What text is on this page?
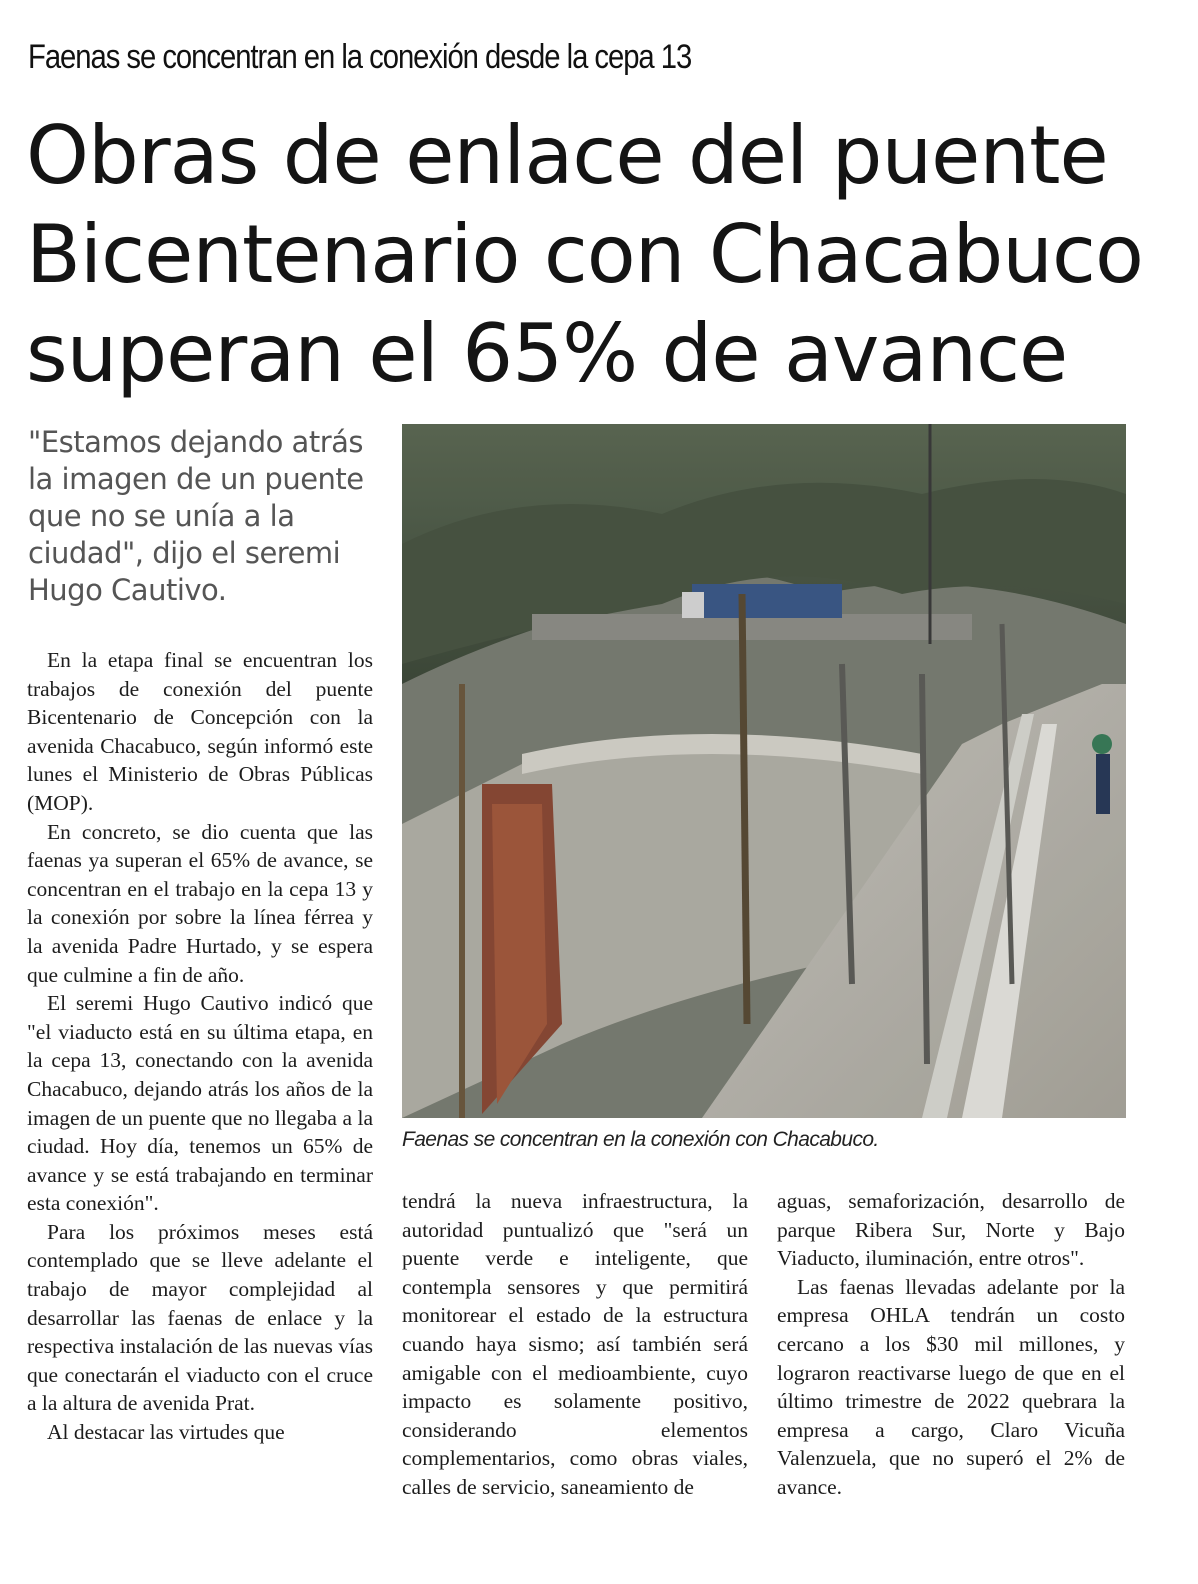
Faenas se concentran en la conexión desde la cepa 13
Obras de enlace del puente
Bicentenario con Chacabuco
superan el 65% de avance
"Estamos dejando atrás la imagen de un puente que no se unía a la ciudad", dijo el seremi Hugo Cautivo.
Faenas se concentran en la conexión con Chacabuco.

En la etapa final se encuentran los trabajos de conexión del puente Bicentenario de Concepción con la avenida Chacabuco, según informó este lunes el Ministerio de Obras Públicas (MOP).

En concreto, se dio cuenta que las faenas ya superan el 65% de avance, se concentran en el trabajo en la cepa 13 y la conexión por sobre la línea férrea y la avenida Padre Hurtado, y se espera que culmine a fin de año.

El seremi Hugo Cautivo indicó que "el viaducto está en su última etapa, en la cepa 13, conectando con la avenida Chacabuco, dejando atrás los años de la imagen de un puente que no llegaba a la ciudad. Hoy día, tenemos un 65% de avance y se está trabajando en terminar esta conexión".

Para los próximos meses está contemplado que se lleve adelante el trabajo de mayor complejidad al desarrollar las faenas de enlace y la respectiva instalación de las nuevas vías que conectarán el viaducto con el cruce a la altura de avenida Prat.

Al destacar las virtudes que

tendrá la nueva infraestructura, la autoridad puntualizó que "será un puente verde e inteligente, que contempla sensores y que permitirá monitorear el estado de la estructura cuando haya sismo; así también será amigable con el medioambiente, cuyo impacto es solamente positivo, considerando elementos complementarios, como obras viales, calles de servicio, saneamiento de

aguas, semaforización, desarrollo de parque Ribera Sur, Norte y Bajo Viaducto, iluminación, entre otros".

Las faenas llevadas adelante por la empresa OHLA tendrán un costo cercano a los $30 mil millones, y lograron reactivarse luego de que en el último trimestre de 2022 quebrara la empresa a cargo, Claro Vicuña Valenzuela, que no superó el 2% de avance.
